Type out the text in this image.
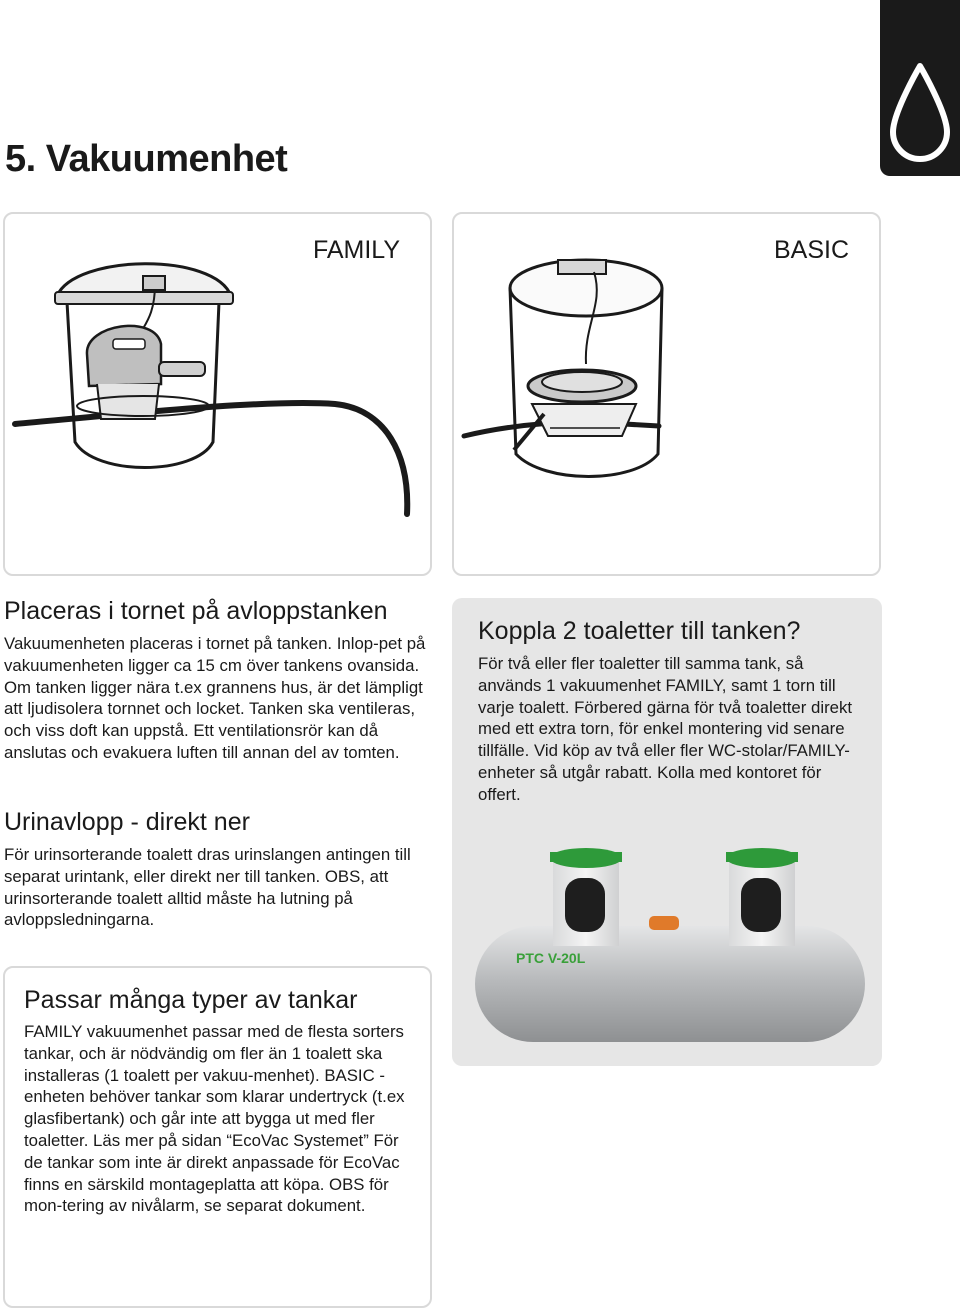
5. Vakuumenhet
FAMILY	BASIC
Placeras i tornet på avloppstanken
Vakuumenheten placeras i tornet på tanken. Inlop-pet på vakuumenheten ligger ca 15 cm över tankens ovansida. Om tanken ligger nära t.ex grannens hus, är det lämpligt att ljudisolera tornnet och locket. Tanken ska ventileras, och viss doft kan uppstå. Ett ventilationsrör kan då anslutas och evakuera luften till annan del av tomten.
Urinavlopp - direkt ner
För urinsorterande toalett dras urinslangen antingen till separat urintank, eller direkt ner till tanken. OBS, att urinsorterande toalett alltid måste ha lutning på avloppsledningarna.
Koppla 2 toaletter till tanken?
För två eller fler toaletter till samma tank, så används 1 vakuumenhet FAMILY, samt 1 torn till varje toalett. Förbered gärna för två toaletter direkt med ett extra torn, för enkel montering vid senare tillfälle. Vid köp av två eller fler WC-stolar/FAMILY-enheter så utgår rabatt. Kolla med kontoret för offert.
PTC V-20L
Passar många typer av tankar
FAMILY vakuumenhet passar med de flesta sorters tankar, och är nödvändig om fler än 1 toalett ska installeras (1 toalett per vakuu-menhet). BASIC - enheten behöver tankar som klarar undertryck (t.ex glasfibertank) och går inte att bygga ut med fler toaletter. Läs mer på sidan “EcoVac Systemet” För de tankar som inte är direkt anpassade för EcoVac finns en särskild montageplatta att köpa. OBS för mon-tering av nivålarm, se separat dokument.
